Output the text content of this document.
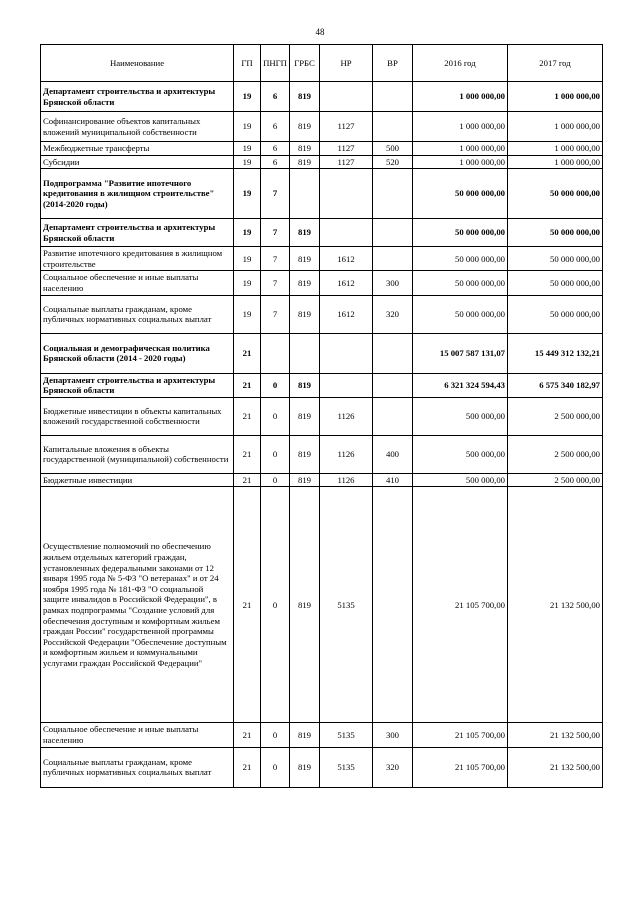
48
Наименование	ГП	ПНГП	ГРБС	НР	ВР	2016 год	2017 год
Департамент строительства и архитектуры Брянской области	19	6	819			1 000 000,00	1 000 000,00
Софинансирование объектов капитальных вложений муниципальной собственности	19	6	819	1127		1 000 000,00	1 000 000,00
Межбюджетные трансферты	19	6	819	1127	500	1 000 000,00	1 000 000,00
Субсидии	19	6	819	1127	520	1 000 000,00	1 000 000,00
Подпрограмма "Развитие ипотечного кредитования в жилищном строительстве" (2014-2020 годы)	19	7				50 000 000,00	50 000 000,00
Департамент строительства и архитектуры Брянской области	19	7	819			50 000 000,00	50 000 000,00
Развитие ипотечного кредитования в жилищном строительстве	19	7	819	1612		50 000 000,00	50 000 000,00
Социальное обеспечение и иные выплаты населению	19	7	819	1612	300	50 000 000,00	50 000 000,00
Социальные выплаты гражданам, кроме публичных нормативных социальных выплат	19	7	819	1612	320	50 000 000,00	50 000 000,00
Социальная и демографическая политика Брянской области (2014 - 2020 годы)	21					15 007 587 131,07	15 449 312 132,21
Департамент строительства и архитектуры Брянской области	21	0	819			6 321 324 594,43	6 575 340 182,97
Бюджетные инвестиции в объекты капитальных вложений государственной собственности	21	0	819	1126		500 000,00	2 500 000,00
Капитальные вложения в объекты государственной (муниципальной) собственности	21	0	819	1126	400	500 000,00	2 500 000,00
Бюджетные инвестиции	21	0	819	1126	410	500 000,00	2 500 000,00
Осуществление полномочий по обеспечению жильем отдельных категорий граждан, установленных федеральными законами от 12 января 1995 года № 5-ФЗ "О ветеранах" и от 24 ноября 1995 года № 181-ФЗ "О социальной защите инвалидов в Российской Федерации", в рамках подпрограммы "Создание условий для обеспечения доступным и комфортным жильем граждан России" государственной программы Российской Федерации "Обеспечение доступным и комфортным жильем и коммунальными услугами граждан Российской Федерации"	21	0	819	5135		21 105 700,00	21 132 500,00
Социальное обеспечение и иные выплаты населению	21	0	819	5135	300	21 105 700,00	21 132 500,00
Социальные выплаты гражданам, кроме публичных нормативных социальных выплат	21	0	819	5135	320	21 105 700,00	21 132 500,00
